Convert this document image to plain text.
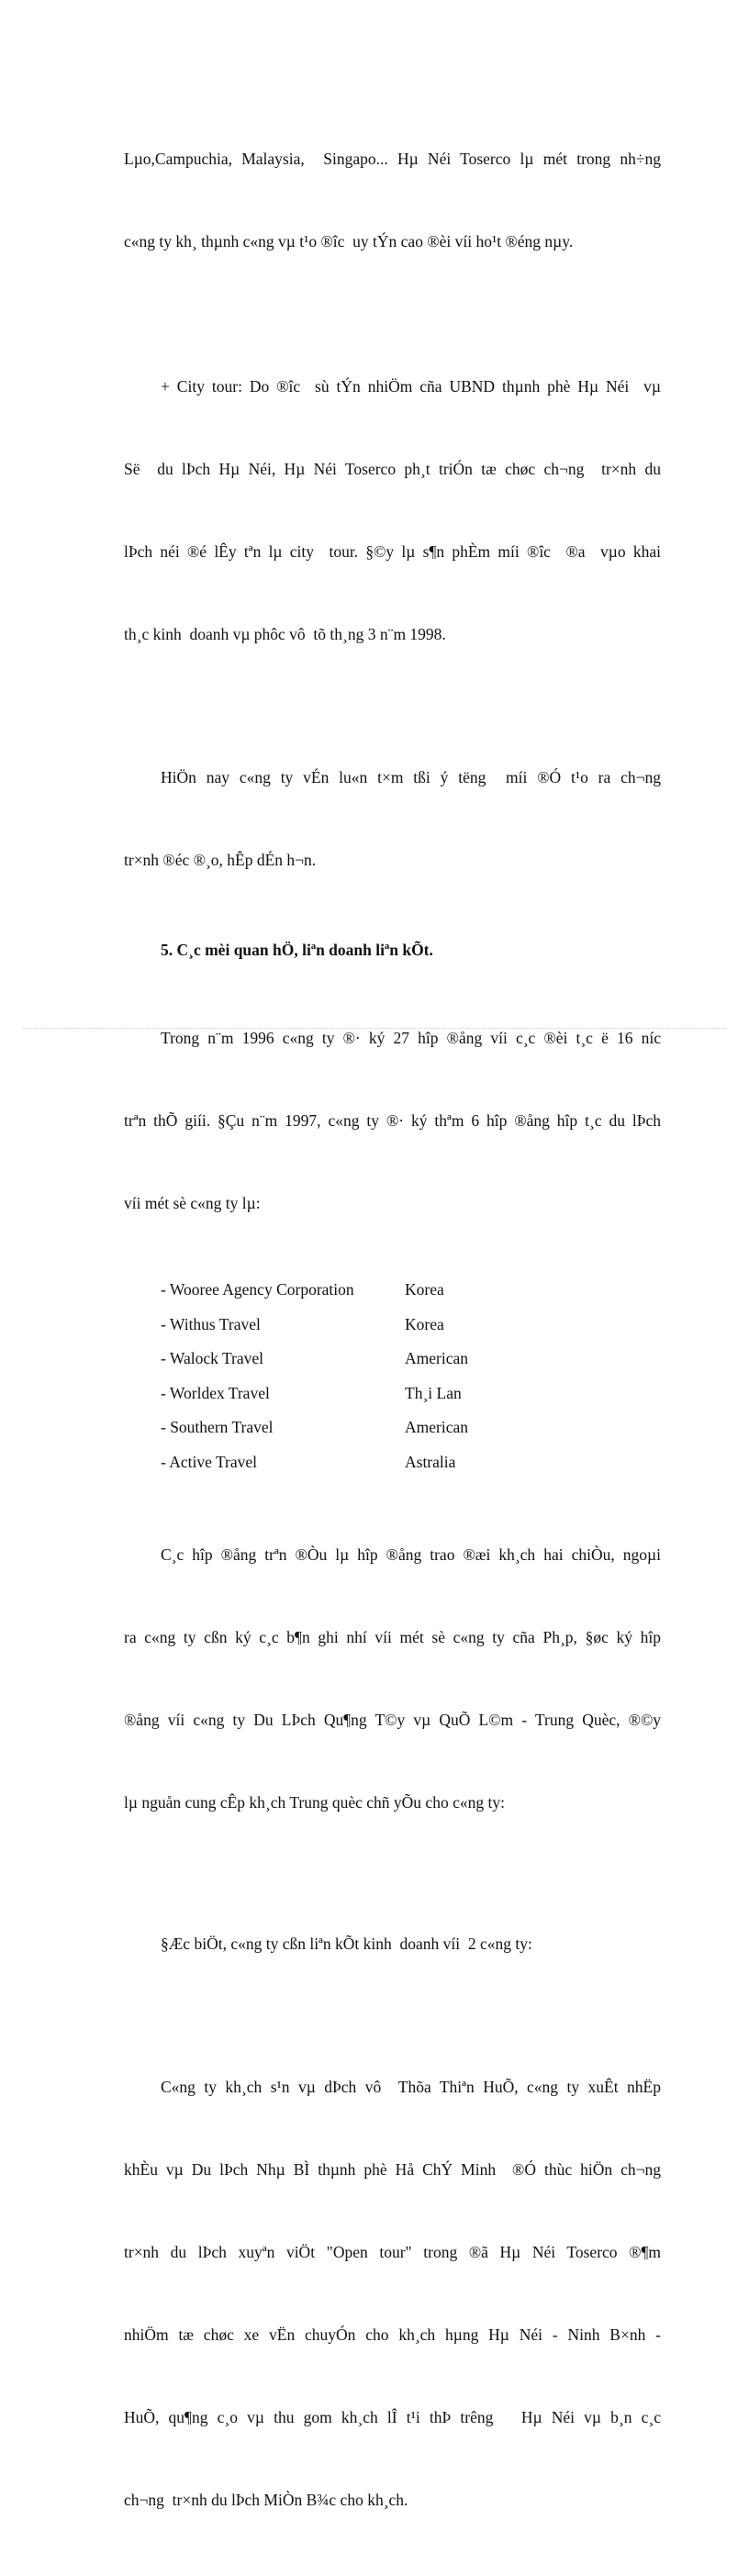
Lµo,Campuchia, Malaysia,  Singapo... Hµ Néi Toserco lµ mét trong nh÷ng

c«ng ty kh¸ thµnh c«ng vµ t¹o ®îc  uy tÝn cao ®èi víi ho¹t ®éng nµy.

+ City tour: Do ®îc  sù tÝn nhiÖm cña UBND thµnh phè Hµ Néi  vµ

Së  du lÞch Hµ Néi, Hµ Néi Toserco ph¸t triÓn tæ chøc ch¬ng  tr×nh du

lÞch néi ®é lÊy tªn lµ city  tour. §©y lµ s¶n phÈm míi ®îc  ®a  vµo khai

th¸c kinh  doanh vµ phôc vô  tõ th¸ng 3 n¨m 1998.

HiÖn nay c«ng ty vÉn lu«n t×m tßi ý tëng  míi ®Ó t¹o ra ch¬ng

tr×nh ®éc ®¸o, hÊp dÉn h¬n.

5. C¸c mèi quan hÖ, liªn doanh liªn kÕt.

Trong n¨m 1996 c«ng ty ®· ký 27 hîp ®ång víi c¸c ®èi t¸c ë 16 níc

trªn thÕ giíi. §Çu n¨m 1997, c«ng ty ®· ký thªm 6 hîp ®ång hîp t¸c du lÞch

víi mét sè c«ng ty lµ:

- Wooree Agency Corporation	Korea
- Withus Travel	Korea
- Walock Travel	American
- Worldex Travel	Th¸i Lan
- Southern Travel	American
- Active Travel	Astralia

C¸c hîp ®ång trªn ®Òu lµ hîp ®ång trao ®æi kh¸ch hai chiÒu, ngoµi

ra c«ng ty cßn ký c¸c b¶n ghi nhí víi mét sè c«ng ty cña Ph¸p, §øc ký hîp

®ång víi c«ng ty Du LÞch Qu¶ng T©y vµ QuÕ L©m - Trung Quèc, ®©y

lµ nguån cung cÊp kh¸ch Trung quèc chñ yÕu cho c«ng ty:

§Æc biÖt, c«ng ty cßn liªn kÕt kinh  doanh víi  2 c«ng ty:

C«ng ty kh¸ch s¹n vµ dÞch vô  Thõa Thiªn HuÕ, c«ng ty xuÊt nhËp

khÈu vµ Du lÞch Nhµ BÌ thµnh phè Hå ChÝ Minh  ®Ó thùc hiÖn ch¬ng

tr×nh du lÞch xuyªn viÖt "Open tour" trong ®ã Hµ Néi Toserco ®¶m

nhiÖm tæ chøc xe vËn chuyÓn cho kh¸ch hµng Hµ Néi - Ninh B×nh -

HuÕ, qu¶ng c¸o vµ thu gom kh¸ch lÎ t¹i thÞ trêng   Hµ Néi vµ b¸n c¸c

ch¬ng  tr×nh du lÞch MiÒn B¾c cho kh¸ch.
